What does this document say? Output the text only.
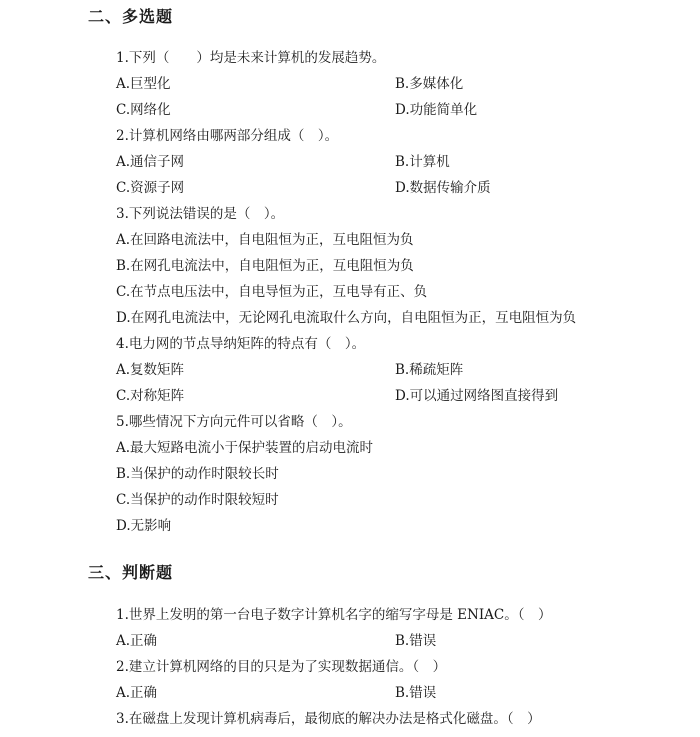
二、多选题
1.下列（　　）均是未来计算机的发展趋势。
A.巨型化	B.多媒体化
C.网络化	D.功能简单化
2.计算机网络由哪两部分组成（　）。
A.通信子网	B.计算机
C.资源子网	D.数据传输介质
3.下列说法错误的是（　）。
A.在回路电流法中，自电阻恒为正，互电阻恒为负
B.在网孔电流法中，自电阻恒为正，互电阻恒为负
C.在节点电压法中，自电导恒为正，互电导有正、负
D.在网孔电流法中，无论网孔电流取什么方向，自电阻恒为正，互电阻恒为负
4.电力网的节点导纳矩阵的特点有（　）。
A.复数矩阵	B.稀疏矩阵
C.对称矩阵	D.可以通过网络图直接得到
5.哪些情况下方向元件可以省略（　）。
A.最大短路电流小于保护装置的启动电流时
B.当保护的动作时限较长时
C.当保护的动作时限较短时
D.无影响
三、判断题
1.世界上发明的第一台电子数字计算机名字的缩写字母是 ENIAC。（　）
A.正确	B.错误
2.建立计算机网络的目的只是为了实现数据通信。（　）
A.正确	B.错误
3.在磁盘上发现计算机病毒后，最彻底的解决办法是格式化磁盘。（　）
